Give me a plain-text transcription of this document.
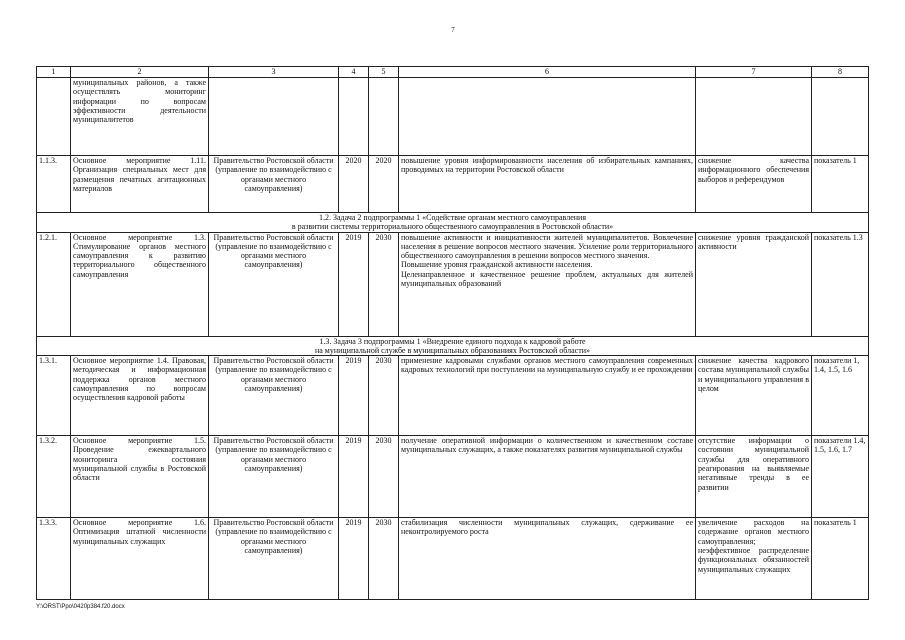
7
1	2	3	4	5	6	7	8
	муниципальных районов, а также осуществлять мониторинг информации по вопросам эффективности деятельности муниципалитетов						
1.1.3.	Основное мероприятие 1.11. Организация специальных мест для размещения печатных агитационных материалов	Правительство Ростовской области (управление по взаимодействию с органами местного самоуправления)	2020	2020	повышение уровня информированности населения об избирательных кампаниях, проводимых на территории Ростовской области	снижение качества информационного обеспечения выборов и референдумов	показатель 1

1.2. Задача 2 подпрограммы 1 «Содействие органам местного самоуправления

в развитии системы территориального общественного самоуправления в Ростовской области»							

1.2.1.	Основное мероприятие 1.3. Стимулирование органов местного самоуправления к развитию территориального общественного самоуправления	Правительство Ростовской области (управление по взаимодействию с органами местного самоуправления)	2019	2030	повышение активности и инициативности жителей муниципалитетов. Вовлечение населения в решение вопросов местного значения. Усиление роли территориального общественного самоуправления в решении вопросов местного значения.

Повышение уровня гражданской активности населения.

Целенаправленное и качественное решение проблем, актуальных для жителей муниципальных образований	снижение уровня гражданской активности	показатель 1.3

1.3. Задача 3 подпрограммы 1 «Внедрение единого подхода к кадровой работе

на муниципальной службе в муниципальных образованиях Ростовской области»							

1.3.1.	Основное мероприятие 1.4. Правовая, методическая и информационная поддержка органов местного самоуправления по вопросам осуществления кадровой работы	Правительство Ростовской области (управление по взаимодействию с органами местного самоуправления)	2019	2030	применение кадровыми службами органов местного самоуправления современных кадровых технологий при поступлении на муниципальную службу и ее прохождении	снижение качества кадрового состава муниципальной службы и муниципального управления в целом	показатели 1, 1.4, 1.5, 1.6
1.3.2.	Основное мероприятие 1.5. Проведение ежеквартального мониторинга состояния муниципальной службы в Ростовской области	Правительство Ростовской области (управление по взаимодействию с органами местного самоуправления)	2019	2030	получение оперативной информации о количественном и качественном составе муниципальных служащих, а также показателях развития муниципальной службы	отсутствие информации о состоянии муниципальной службы для оперативного реагирования на выявляемые негативные тренды в ее развитии	показатели 1.4, 1.5, 1.6, 1.7
1.3.3.	Основное мероприятие 1.6. Оптимизация штатной численности муниципальных служащих	Правительство Ростовской области (управление по взаимодействию с органами местного самоуправления)	2019	2030	стабилизация численности муниципальных служащих, сдерживание ее неконтролируемого роста	увеличение расходов на содержание органов местного самоуправления; неэффективное распределение функциональных обязанностей муниципальных служащих	показатель 1
Y:\ORST\Ppo\0420p384.f20.docx
